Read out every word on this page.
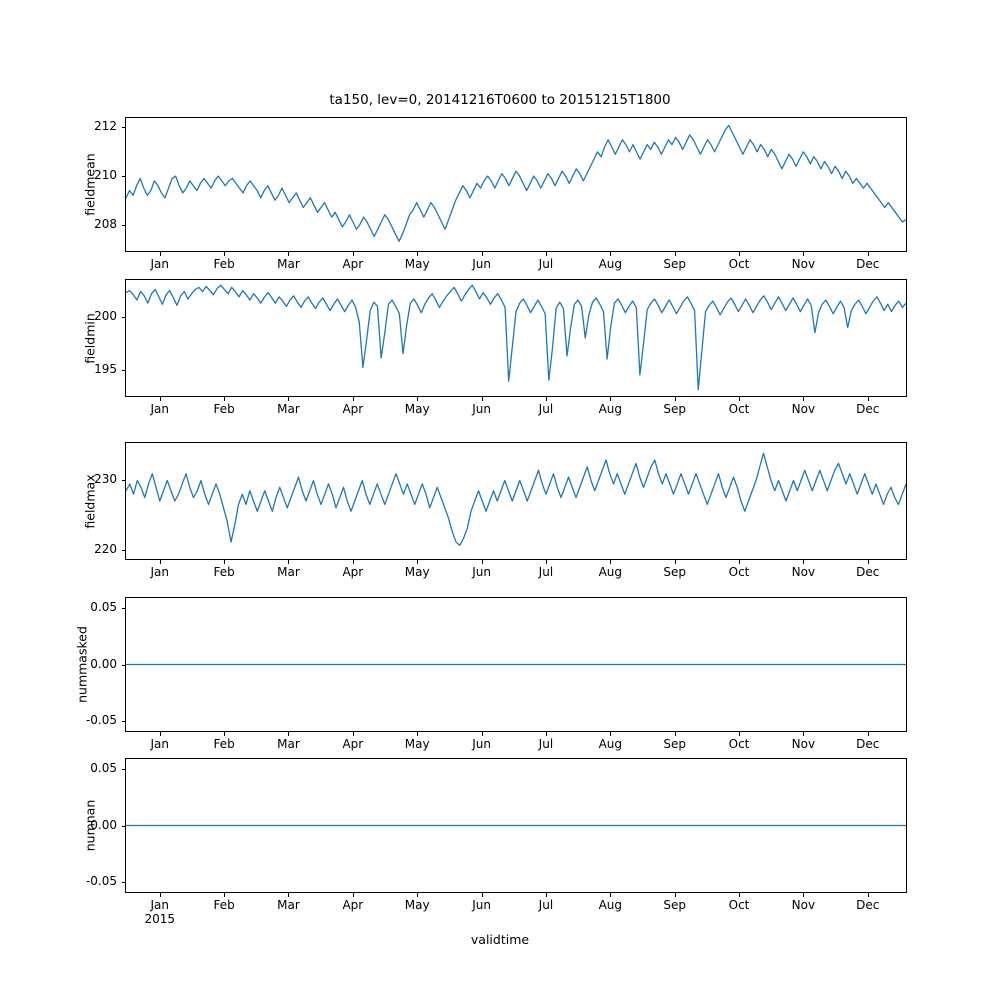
ta150, lev=0, 20141216T0600 to 20151215T1800
fieldmean
fieldmin
fieldmax
nummasked
numnan
validtime
208
210
212
Jan	Feb	Mar	Apr	May	Jun	Jul	Aug	Sep	Oct	Nov	Dec
195
200
Jan	Feb	Mar	Apr	May	Jun	Jul	Aug	Sep	Oct	Nov	Dec
220
230
Jan	Feb	Mar	Apr	May	Jun	Jul	Aug	Sep	Oct	Nov	Dec
-0.05
0.00
0.05
Jan	Feb	Mar	Apr	May	Jun	Jul	Aug	Sep	Oct	Nov	Dec
-0.05
0.00
0.05
Jan
2015
Feb	Mar	Apr	May	Jun	Jul	Aug	Sep	Oct	Nov	Dec
